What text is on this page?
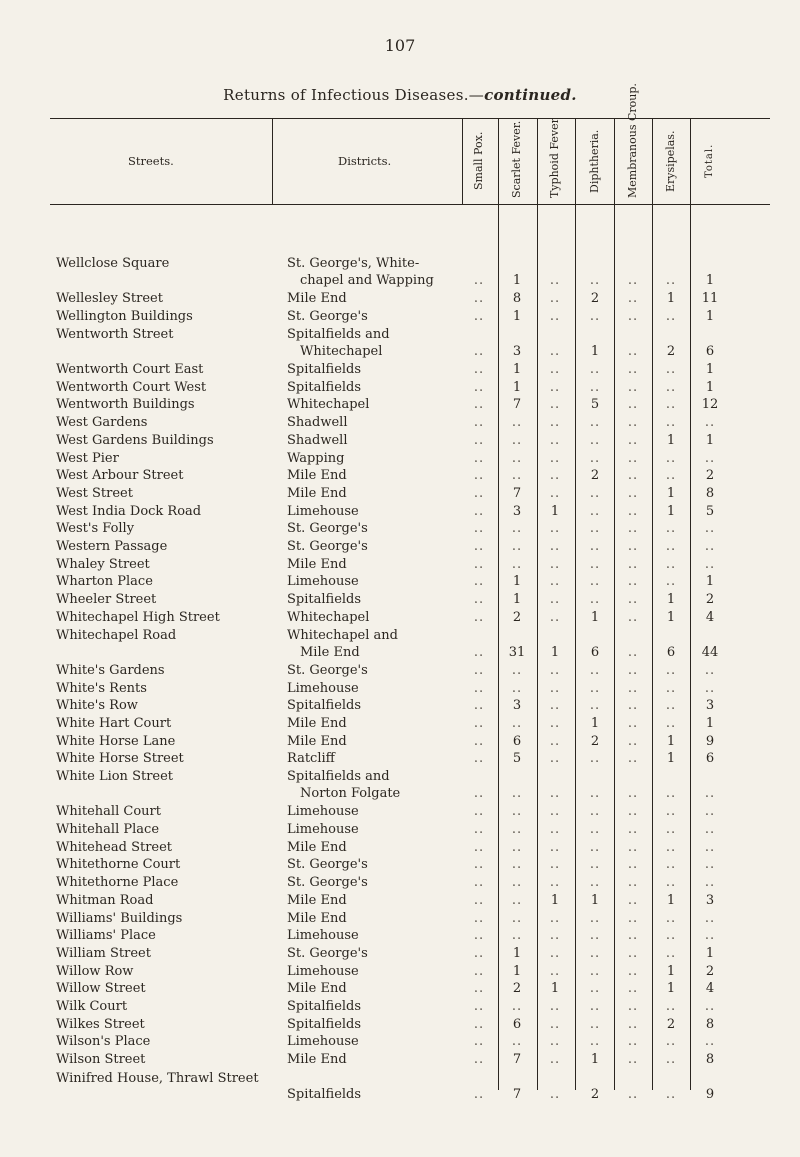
107
Returns of Infectious Diseases.—continued.
Streets.	Districts.	Small Pox. Scarlet Fever. Typhoid Fever Diphtheria. Membranous Croup. Erysipelas.	Total.
Wellclose Square	St. George's, White-
chapel and Wapping	..	1	..	..	..	..	1
Wellesley Street	Mile End	..	8	..	2	..	1	11
Wellington Buildings	St. George's	..	1	..	..	..	..	1
Wentworth Street	Spitalfields and
Whitechapel	..	3	..	1	..	2	6
Wentworth Court East	Spitalfields	..	1	..	..	..	..	1
Wentworth Court West	Spitalfields	..	1	..	..	..	..	1
Wentworth Buildings	Whitechapel	..	7	..	5	..	..	12
West Gardens	Shadwell	..	..	..	..	..	..	..
West Gardens Buildings	Shadwell	..	..	..	..	..	1	1
West Pier	Wapping	..	..	..	..	..	..	..
West Arbour Street	Mile End	..	..	..	2	..	..	2
West Street	Mile End	..	7	..	..	..	1	8
West India Dock Road	Limehouse	..	3	1	..	..	1	5
West's Folly	St. George's	..	..	..	..	..	..	..
Western Passage	St. George's	..	..	..	..	..	..	..
Whaley Street	Mile End	..	..	..	..	..	..	..
Wharton Place	Limehouse	..	1	..	..	..	..	1
Wheeler Street	Spitalfields	..	1	..	..	..	1	2
Whitechapel High Street	Whitechapel	..	2	..	1	..	1	4
Whitechapel Road	Whitechapel and
Mile End	..	31	1	6	..	6	44
White's Gardens	St. George's	..	..	..	..	..	..	..
White's Rents	Limehouse	..	..	..	..	..	..	..
White's Row	Spitalfields	..	3	..	..	..	..	3
White Hart Court	Mile End	..	..	..	1	..	..	1
White Horse Lane	Mile End	..	6	..	2	..	1	9
White Horse Street	Ratcliff	..	5	..	..	..	1	6
White Lion Street	Spitalfields and
Norton Folgate	..	..	..	..	..	..	..
Whitehall Court	Limehouse	..	..	..	..	..	..	..
Whitehall Place	Limehouse	..	..	..	..	..	..	..
Whitehead Street	Mile End	..	..	..	..	..	..	..
Whitethorne Court	St. George's	..	..	..	..	..	..	..
Whitethorne Place	St. George's	..	..	..	..	..	..	..
Whitman Road	Mile End	..	..	1	1	..	1	3
Williams' Buildings	Mile End	..	..	..	..	..	..	..
Williams' Place	Limehouse	..	..	..	..	..	..	..
William Street	St. George's	..	1	..	..	..	..	1
Willow Row	Limehouse	..	1	..	..	..	1	2
Willow Street	Mile End	..	2	1	..	..	1	4
Wilk Court	Spitalfields	..	..	..	..	..	..	..
Wilkes Street	Spitalfields	..	6	..	..	..	2	8
Wilson's Place	Limehouse	..	..	..	..	..	..	..
Wilson Street	Mile End	..	7	..	1	..	..	8
Winifred House, Thrawl Street
Spitalfields	..	7	..	2	..	..	9
